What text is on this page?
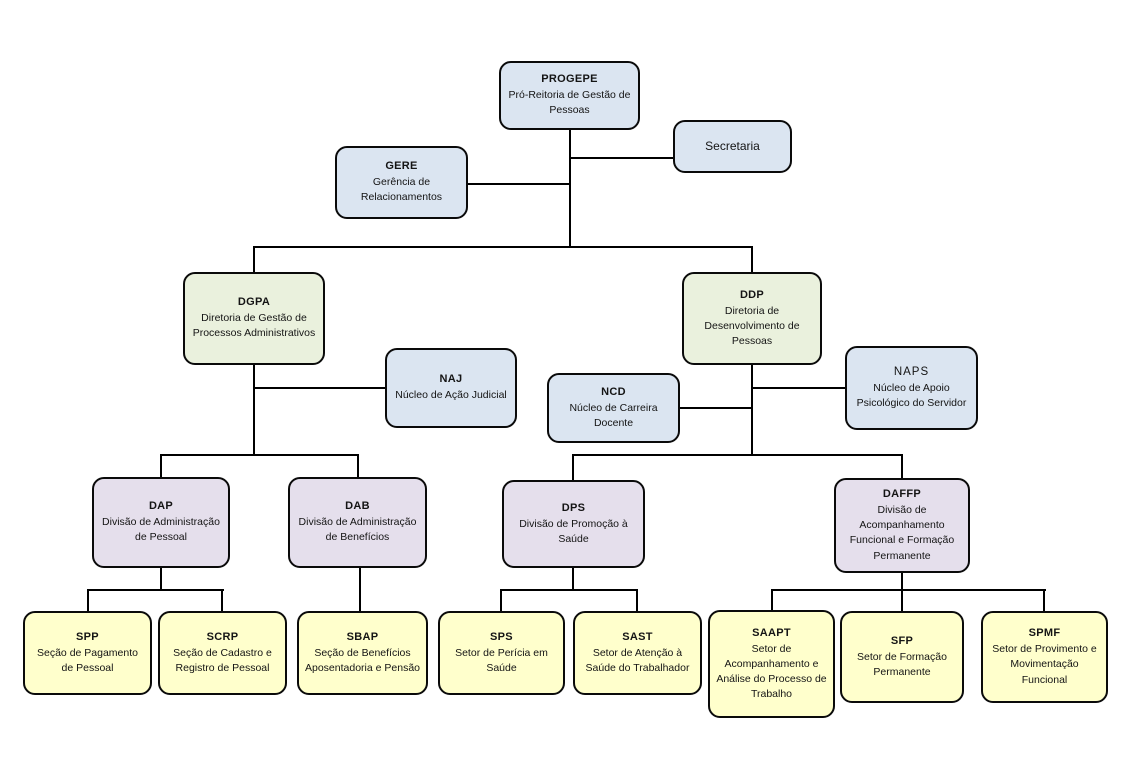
PROGEPE
Pró-Reitoria de Gestão de Pessoas
Secretaria
GERE
Gerência de Relacionamentos
DGPA
Diretoria de Gestão de Processos Administrativos
DDP
Diretoria de Desenvolvimento de Pessoas
NAJ
Núcleo de Ação Judicial	NCD
Núcleo de Carreira Docente
NAPS
Núcleo de Apoio Psicológico do Servidor
DAP
Divisão de Administração de Pessoal
DAB
Divisão de Administração de Benefícios
DPS
Divisão de Promoção à Saúde
DAFFP
Divisão de Acompanhamento Funcional e Formação Permanente
SPP
Seção de Pagamento de Pessoal
SCRP
Seção de Cadastro e Registro de Pessoal
SBAP
Seção de Benefícios Aposentadoria e Pensão
SPS
Setor de Perícia em Saúde
SAST
Setor de Atenção à Saúde do Trabalhador
SAAPT
Setor de Acompanhamento e Análise do Processo de Trabalho
SFP
Setor de Formação Permanente
SPMF
Setor de Provimento e Movimentação Funcional
